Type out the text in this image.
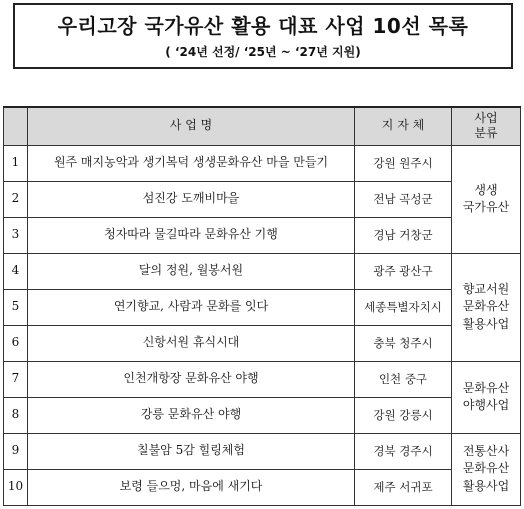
우리고장 국가유산 활용 대표 사업 10선 목록
( ‘24년 선정/ ‘25년 ~ ‘27년 지원)
	사 업 명	지 자 체	사업 분류
1	원주 매지농악과 생기복덕 생생문화유산 마을 만들기	강원 원주시	생생
국가유산
2	섬진강 도깨비마을	전남 곡성군	
3	청자따라 물길따라 문화유산 기행	경남 거창군	
4	달의 정원, 월봉서원	광주 광산구	향교서원
문화유산
활용사업
5	연기향교, 사람과 문화를 잇다	세종특별자치시	
6	신항서원 휴식시대	충북 청주시	
7	인천개항장 문화유산 야행	인천 중구	문화유산
야행사업
8	강릉 문화유산 야행	강원 강릉시	
9	칠불암 5감 힐링체험	경북 경주시	전통산사
문화유산
활용사업
10	보령 들으멍, 마음에 새기다	제주 서귀포	
